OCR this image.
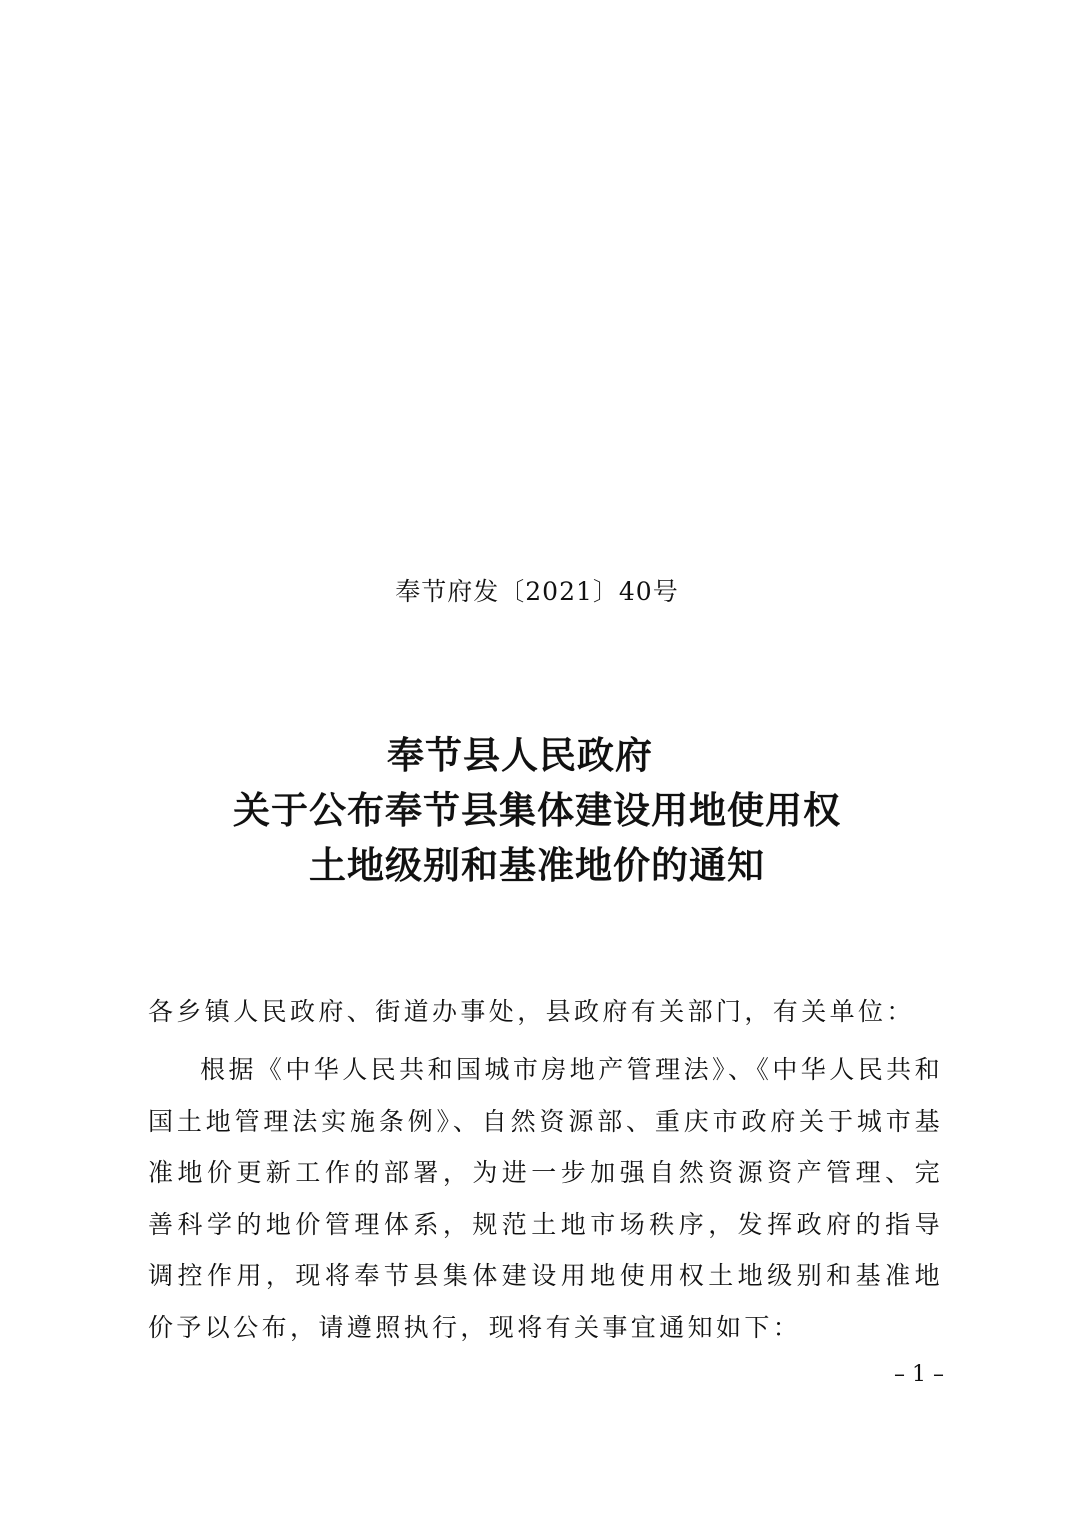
奉节府发〔2021〕40号
奉节县人民政府
关于公布奉节县集体建设用地使用权
土地级别和基准地价的通知
各乡镇人民政府、街道办事处，县政府有关部门，有关单位：
根据《中华人民共和国城市房地产管理法》、《中华人民共和国土地管理法实施条例》、自然资源部、重庆市政府关于城市基准地价更新工作的部署，为进一步加强自然资源资产管理、完善科学的地价管理体系，规范土地市场秩序，发挥政府的指导调控作用，现将奉节县集体建设用地使用权土地级别和基准地价予以公布，请遵照执行，现将有关事宜通知如下：
– 1 –
